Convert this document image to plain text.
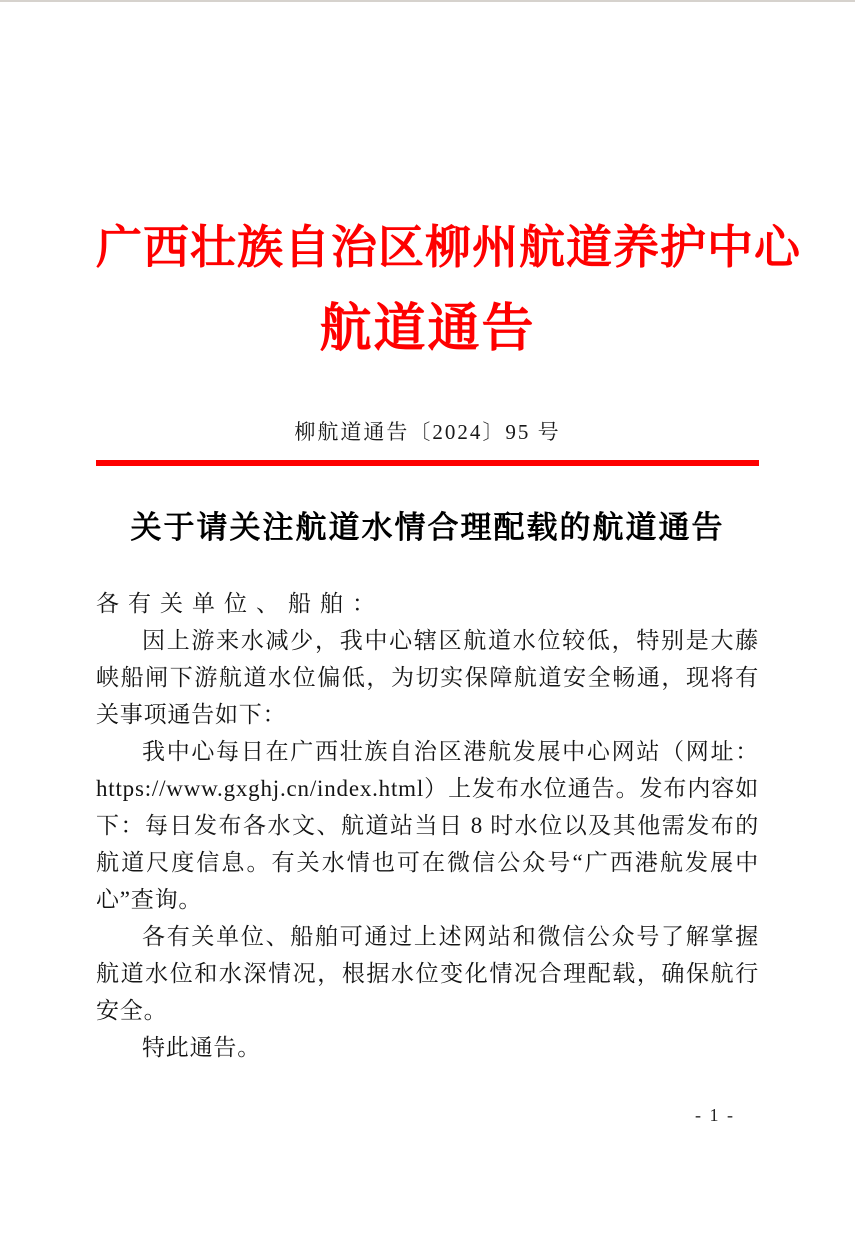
广西壮族自治区柳州航道养护中心
航道通告
柳航道通告〔2024〕95 号
关于请关注航道水情合理配载的航道通告

各有关单位、船舶：

因上游来水减少，我中心辖区航道水位较低，特别是大藤峡船闸下游航道水位偏低，为切实保障航道安全畅通，现将有关事项通告如下：

我中心每日在广西壮族自治区港航发展中心网站（网址：https://www.gxghj.cn/index.html）上发布水位通告。发布内容如下：每日发布各水文、航道站当日 8 时水位以及其他需发布的航道尺度信息。有关水情也可在微信公众号“广西港航发展中心”查询。

各有关单位、船舶可通过上述网站和微信公众号了解掌握航道水位和水深情况，根据水位变化情况合理配载，确保航行安全。

特此通告。

- 1 -
